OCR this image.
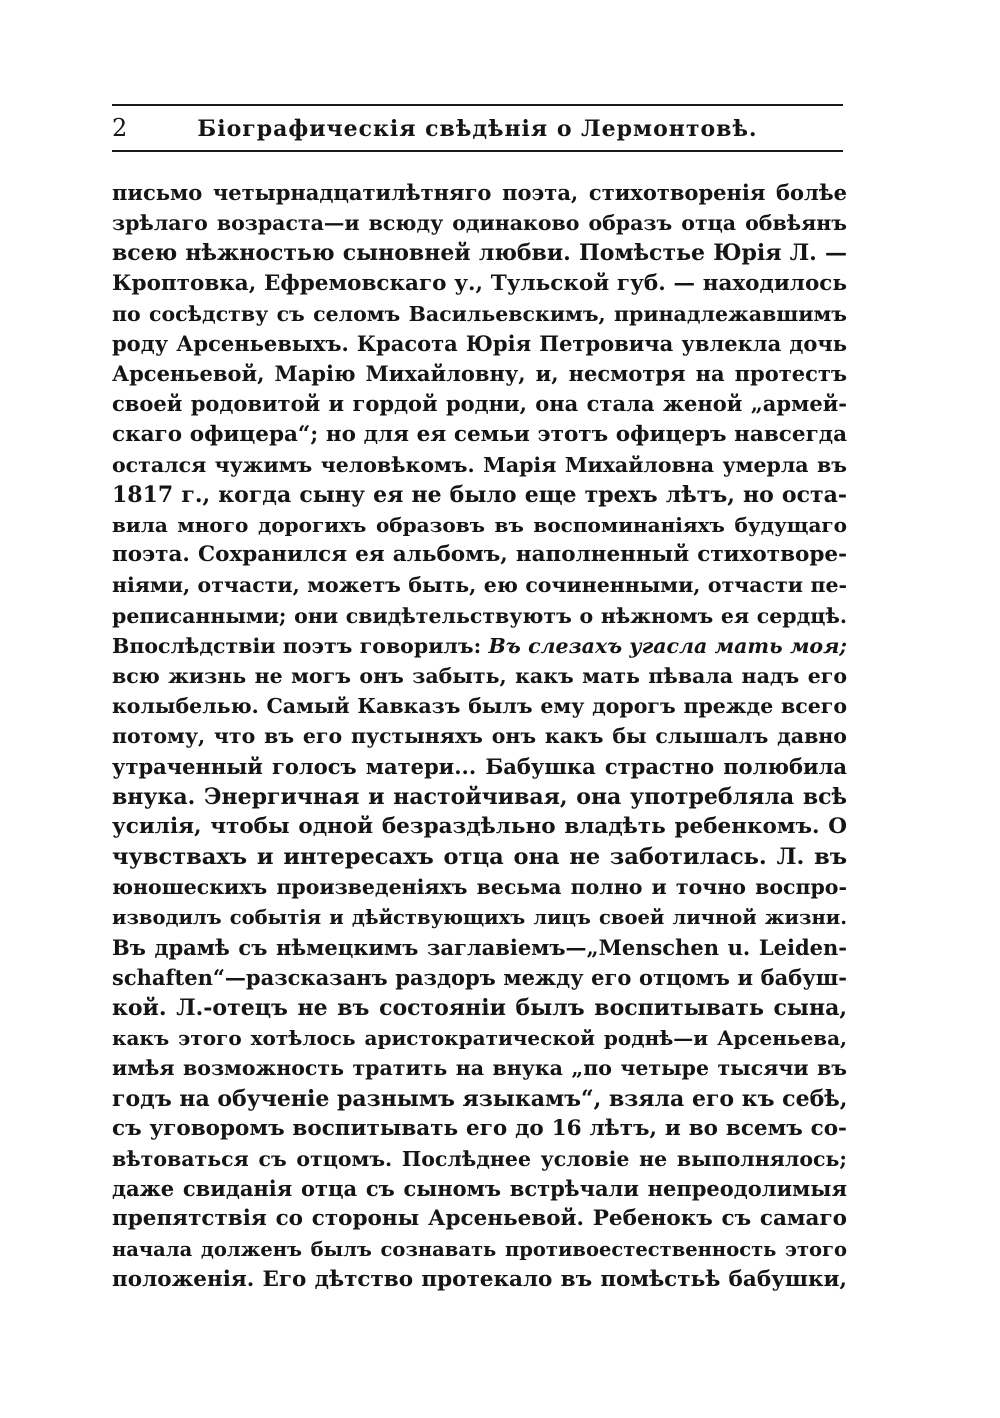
2	Біографическія свѣдѣнія о Лермонтовѣ.
письмо четырнадцатилѣтняго поэта, стихотворенія болѣе
зрѣлаго возраста—и всюду одинаково образъ отца обвѣянъ
всею нѣжностью сыновней любви. Помѣстье Юрія Л. —
Кроптовка, Ефремовскаго у., Тульской губ. — находилось
по сосѣдству съ селомъ Васильевскимъ, принадлежавшимъ
роду Арсеньевыхъ. Красота Юрія Петровича увлекла дочь
Арсеньевой, Марію Михайловну, и, несмотря на протестъ
своей родовитой и гордой родни, она стала женой „армей-
скаго офицера“; но для ея семьи этотъ офицеръ навсегда
остался чужимъ человѣкомъ. Марія Михайловна умерла въ
1817 г., когда сыну ея не было еще трехъ лѣтъ, но оста-
вила много дорогихъ образовъ въ воспоминаніяхъ будущаго
поэта. Сохранился ея альбомъ, наполненный стихотворе-
ніями, отчасти, можетъ быть, ею сочиненными, отчасти пе-
реписанными; они свидѣтельствуютъ о нѣжномъ ея сердцѣ.
Впослѣдствіи поэтъ говорилъ: Въ слезахъ угасла мать моя;
всю жизнь не могъ онъ забыть, какъ мать пѣвала надъ его
колыбелью. Самый Кавказъ былъ ему дорогъ прежде всего
потому, что въ его пустыняхъ онъ какъ бы слышалъ давно
утраченный голосъ матери... Бабушка страстно полюбила
внука. Энергичная и настойчивая, она употребляла всѣ
усилія, чтобы одной безраздѣльно владѣть ребенкомъ. О
чувствахъ и интересахъ отца она не заботилась. Л. въ
юношескихъ произведеніяхъ весьма полно и точно воспро-
изводилъ событія и дѣйствующихъ лицъ своей личной жизни.
Въ драмѣ съ нѣмецкимъ заглавіемъ—„Menschen u. Leiden-
schaften“—разсказанъ раздоръ между его отцомъ и бабуш-
кой. Л.-отецъ не въ состояніи былъ воспитывать сына,
какъ этого хотѣлось аристократической роднѣ—и Арсеньева,
имѣя возможность тратить на внука „по четыре тысячи въ
годъ на обученіе разнымъ языкамъ“, взяла его къ себѣ,
съ уговоромъ воспитывать его до 16 лѣтъ, и во всемъ со-
вѣтоваться съ отцомъ. Послѣднее условіе не выполнялось;
даже свиданія отца съ сыномъ встрѣчали непреодолимыя
препятствія со стороны Арсеньевой. Ребенокъ съ самаго
начала долженъ былъ сознавать противоестественность этого
положенія. Его дѣтство протекало въ помѣстьѣ бабушки,
